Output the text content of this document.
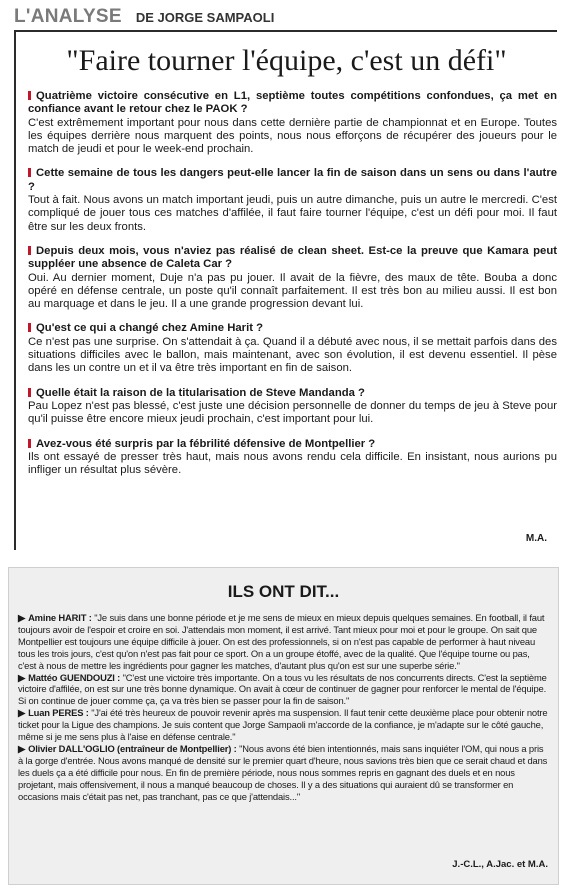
L'ANALYSE DE JORGE SAMPAOLI
"Faire tourner l'équipe, c'est un défi"

Quatrième victoire consécutive en L1, septième toutes compétitions confondues, ça met en confiance avant le retour chez le PAOK ?

C'est extrêmement important pour nous dans cette dernière partie de championnat et en Europe. Toutes les équipes derrière nous marquent des points, nous nous efforçons de récupérer des joueurs pour le match de jeudi et pour le week-end prochain.

Cette semaine de tous les dangers peut-elle lancer la fin de saison dans un sens ou dans l'autre ?

Tout à fait. Nous avons un match important jeudi, puis un autre dimanche, puis un autre le mercredi. C'est compliqué de jouer tous ces matches d'affilée, il faut faire tourner l'équipe, c'est un défi pour moi. Il faut être sur les deux fronts.

Depuis deux mois, vous n'aviez pas réalisé de clean sheet. Est-ce la preuve que Kamara peut suppléer une absence de Caleta Car ?

Oui. Au dernier moment, Duje n'a pas pu jouer. Il avait de la fièvre, des maux de tête. Bouba a donc opéré en défense centrale, un poste qu'il connaît parfaitement. Il est très bon au milieu aussi. Il est bon au marquage et dans le jeu. Il a une grande progression devant lui.

Qu'est ce qui a changé chez Amine Harit ?

Ce n'est pas une surprise. On s'attendait à ça. Quand il a débuté avec nous, il se mettait parfois dans des situations difficiles avec le ballon, mais maintenant, avec son évolution, il est devenu essentiel. Il pèse dans les un contre un et il va être très important en fin de saison.

Quelle était la raison de la titularisation de Steve Mandanda ?

Pau Lopez n'est pas blessé, c'est juste une décision personnelle de donner du temps de jeu à Steve pour qu'il puisse être encore mieux jeudi prochain, c'est important pour lui.

Avez-vous été surpris par la fébrilité défensive de Montpellier ?

Ils ont essayé de presser très haut, mais nous avons rendu cela difficile. En insistant, nous aurions pu infliger un résultat plus sévère.

M.A.
ILS ONT DIT...

▶ Amine HARIT : "Je suis dans une bonne période et je me sens de mieux en mieux depuis quelques semaines. En football, il faut toujours avoir de l'espoir et croire en soi. J'attendais mon moment, il est arrivé. Tant mieux pour moi et pour le groupe. On sait que Montpellier est toujours une équipe difficile à jouer. On est des professionnels, si on n'est pas capable de performer à haut niveau tous les trois jours, c'est qu'on n'est pas fait pour ce sport. On a un groupe étoffé, avec de la qualité. Que l'équipe tourne ou pas, c'est à nous de mettre les ingrédients pour gagner les matches, d'autant plus qu'on est sur une superbe série."

▶ Mattéo GUENDOUZI : "C'est une victoire très importante. On a tous vu les résultats de nos concurrents directs. C'est la septième victoire d'affilée, on est sur une très bonne dynamique. On avait à cœur de continuer de gagner pour renforcer le mental de l'équipe. Si on continue de jouer comme ça, ça va très bien se passer pour la fin de saison."

▶ Luan PERES : "J'ai été très heureux de pouvoir revenir après ma suspension. Il faut tenir cette deuxième place pour obtenir notre ticket pour la Ligue des champions. Je suis content que Jorge Sampaoli m'accorde de la confiance, je m'adapte sur le côté gauche, même si je me sens plus à l'aise en défense centrale."

▶ Olivier DALL'OGLIO (entraîneur de Montpellier) : "Nous avons été bien intentionnés, mais sans inquiéter l'OM, qui nous a pris à la gorge d'entrée. Nous avons manqué de densité sur le premier quart d'heure, nous savions très bien que ce serait chaud et dans les duels ça a été difficile pour nous. En fin de première période, nous nous sommes repris en gagnant des duels et en nous projetant, mais offensivement, il nous a manqué beaucoup de choses. Il y a des situations qui auraient dû se transformer en occasions mais c'était pas net, pas tranchant, pas ce que j'attendais..."

J.-C.L., A.Jac. et M.A.
